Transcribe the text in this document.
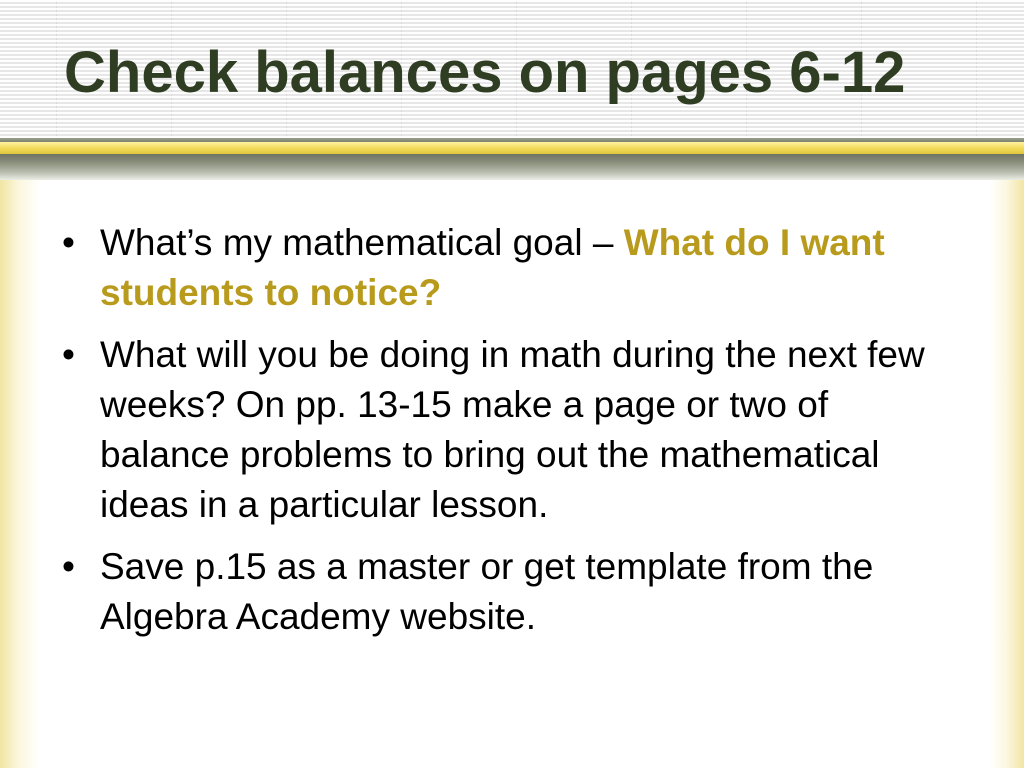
Check balances on pages 6-12
• What’s my mathematical goal – What do I want students to notice?
• What will you be doing in math during the next few weeks? On pp. 13-15 make a page or two of balance problems to bring out the mathematical ideas in a particular lesson.
• Save p.15 as a master or get template from the Algebra Academy website.
